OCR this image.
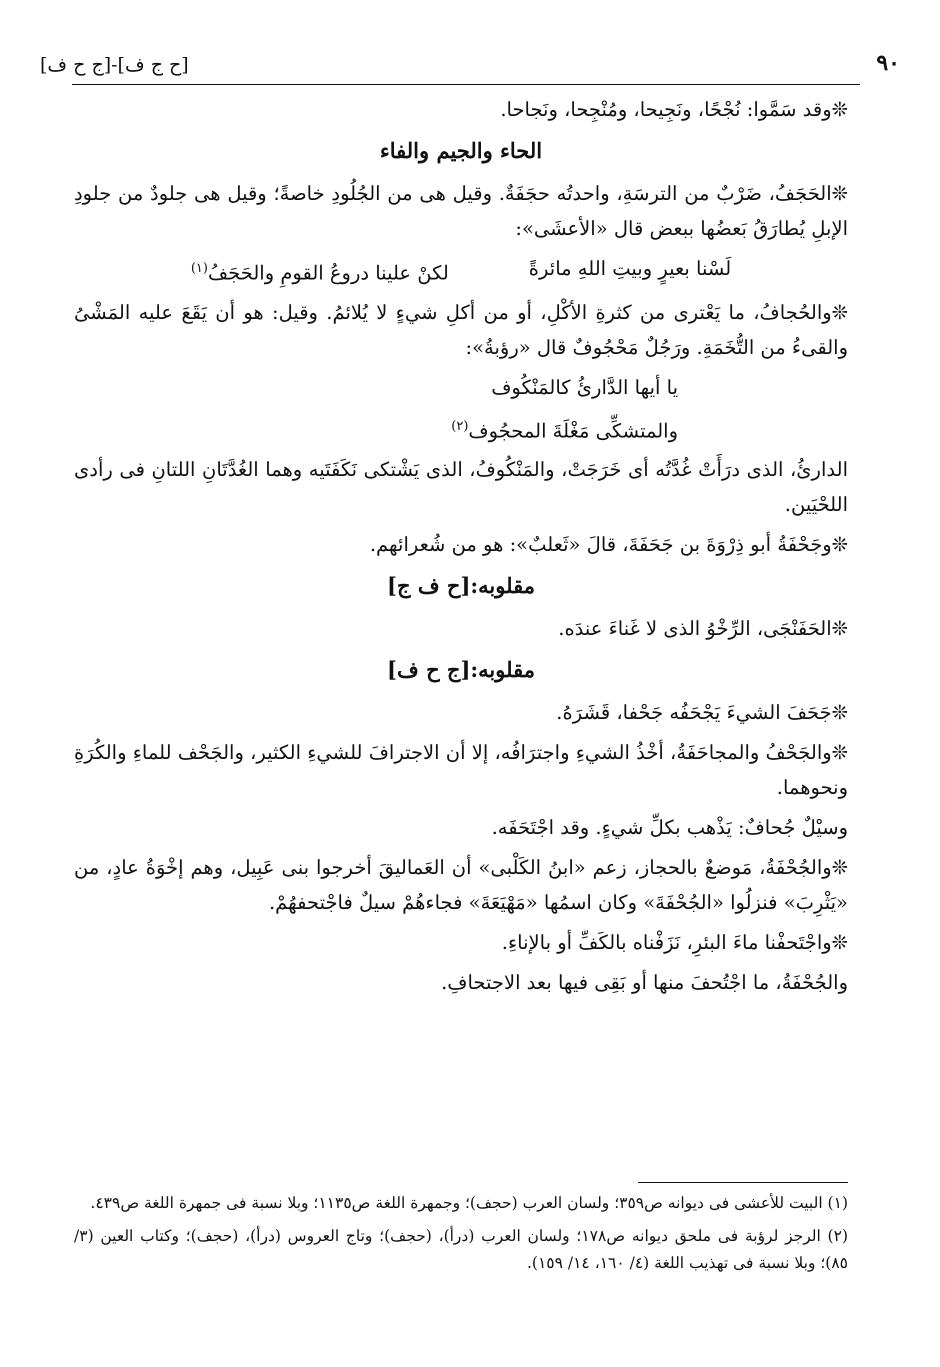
٩٠
[ح ج ف]-[ج ح ف]

❊وقد سَمَّوا: نُجْحًا، ونَجِيحا، ومُنْجِحا، ونَجاحا.

الحاء والجيم والفاء

❊الحَجَفُ، ضَرْبٌ من الترسَةِ، واحدتُه حجَفَةٌ. وقيل هى من الجُلُودِ خاصةً؛ وقيل هى جلودٌ من جلودِ الإبلِ يُطارَقُ بَعضُها ببعض قال «الأعشَى»:

لَسْنا بعيرٍ وبيتِ اللهِ مائرةً
لكنْ علينا دروعُ القومِ والحَجَفُ$^{(١)}$

❊والحُجافُ، ما يَعْترى من كثرةِ الأكْلِ، أو من أكلِ شيءٍ لا يُلائمُ. وقيل: هو أن يَقَعَ عليه المَشْىُ والقىءُ من التُّخَمَةِ. ورَجُلٌ مَحْجُوفٌ قال «رؤبةُ»:

يا أيها الدَّارئُ كالمَنْكُوف
والمتشكِّى مَغْلَةَ المحجُوف$^{(٢)}$

الدارئُ، الذى درَأَتْ غُدَّتُه أى خَرَجَتْ، والمَنْكُوفُ، الذى يَشْتكى نَكَفَتَيه وهما الغُدَّتَانِ اللتانِ فى رأدى اللحْيَين.

❊وجَحْفَةُ أبو ذِرْوَةَ بن جَحَفَةَ، قالَ «ثَعلبٌ»: هو من شُعرائهم.

مقلوبه:[ح ف ج]

❊الحَفَنْجَى، الرِّخْوُ الذى لا غَناءَ عندَه.

مقلوبه:[ج ح ف]

❊جَحَفَ الشيءَ يَجْحَفُه جَحْفا، قَشَرَهُ.

❊والجَحْفُ والمجاحَفَةُ، أخْذُ الشيءِ واجترَافُه، إلا أن الاجترافَ للشيءِ الكثير، والجَحْف للماءِ والكُرَةِ ونحوهما.

وسيْلٌ جُحافٌ: يَذْهب بكلِّ شيءٍ. وقد اجْتَحَفَه.

❊والجُحْفَةُ، مَوضعٌ بالحجاز، زعم «ابنُ الكَلْبى» أن العَماليقَ أخرجوا بنى عَبِيل، وهم إخْوَةُ عادٍ، من «يَثْرِبَ» فنزلُوا «الجُحْفَةَ» وكان اسمُها «مَهْيَعَةَ» فجاءهُمْ سيلٌ فاجْتحفهُمْ.

❊واجْتَحفْنا ماءَ البئرِ، نَزَفْناه بالكَفِّ أو بالإناءِ.

والجُحْفَةُ، ما اجْتُحفَ منها أو بَقِى فيها بعد الاجتحافِ.

(١) البيت للأعشى فى ديوانه ص٣٥٩؛ ولسان العرب (حجف)؛ وجمهرة اللغة ص١١٣٥؛ وبلا نسبة فى جمهرة اللغة ص٤٣٩.

(٢) الرجز لرؤبة فى ملحق ديوانه ص١٧٨؛ ولسان العرب (درأ)، (حجف)؛ وتاج العروس (درأ)، (حجف)؛ وكتاب العين (٣/ ٨٥)؛ وبلا نسبة فى تهذيب اللغة (٤/ ١٦٠، ١٤/ ١٥٩).
